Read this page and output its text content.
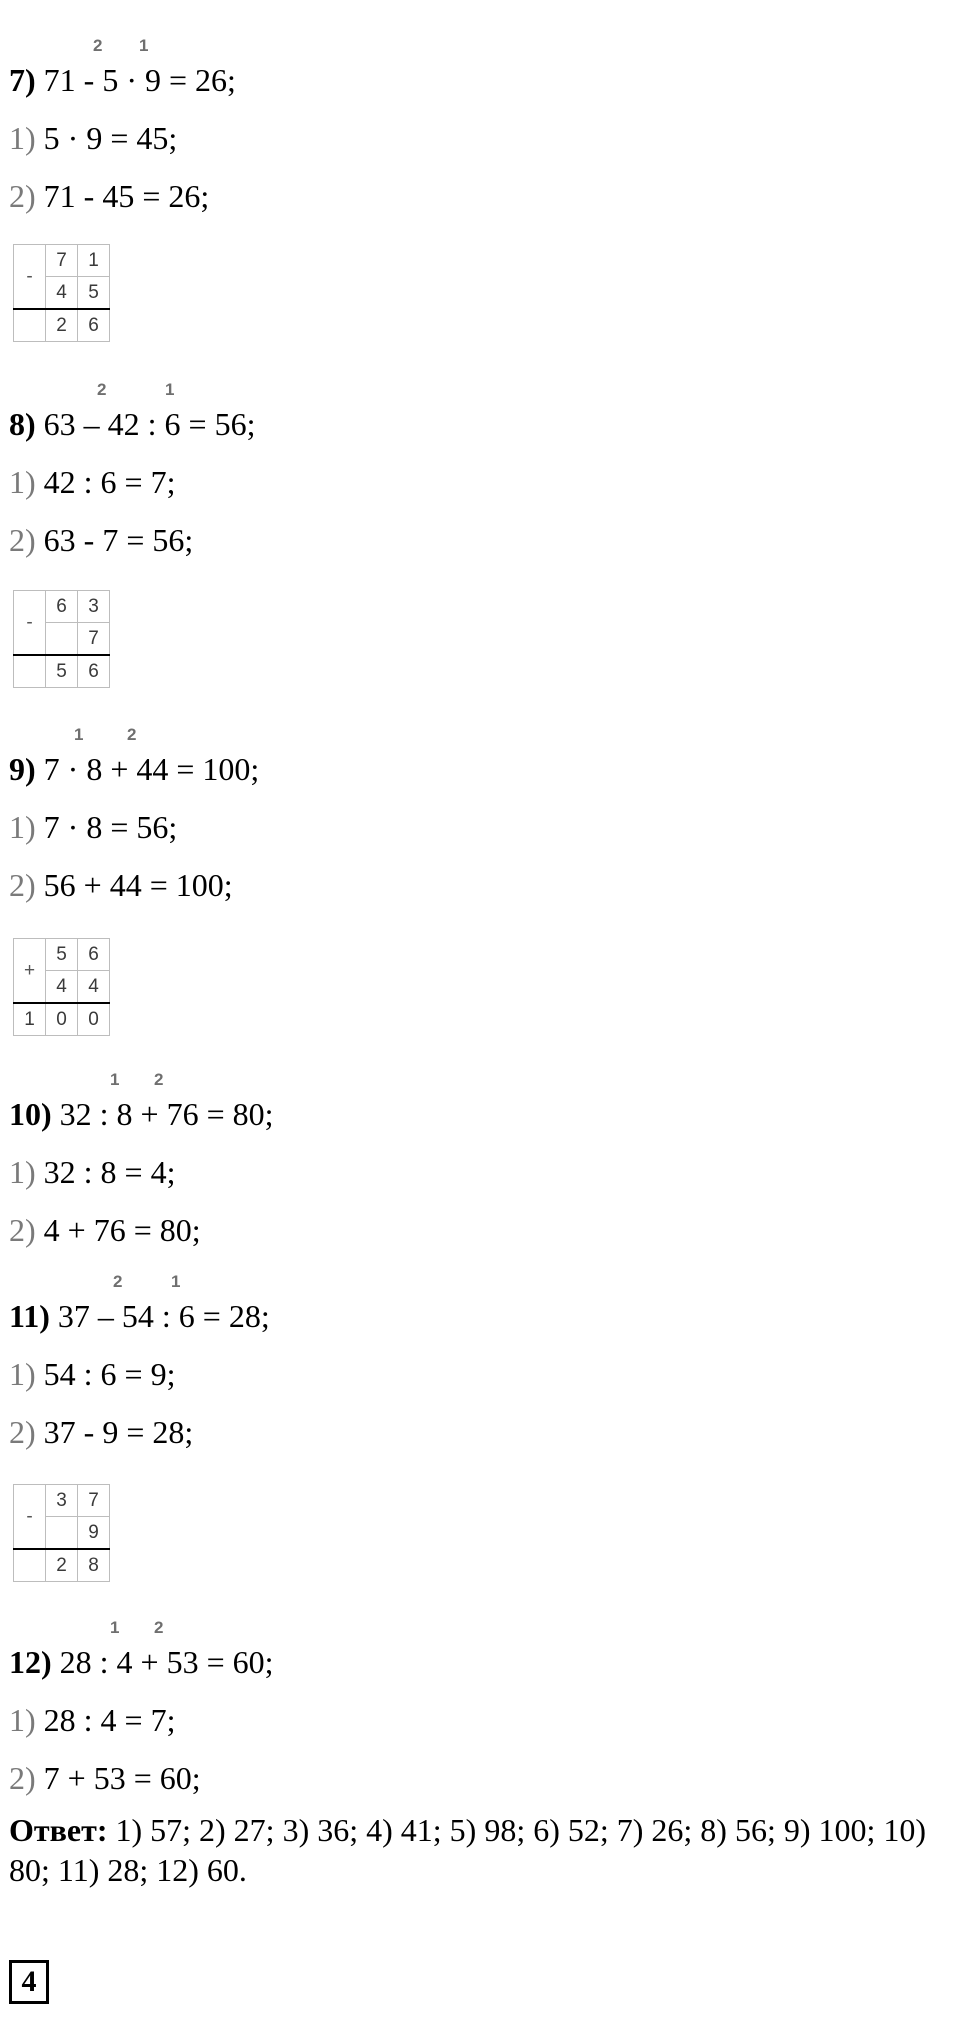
2 1
7) 71 - 5 · 9 = 26;
1) 5 · 9 = 45;
2) 71 - 45 = 26;
-	7	1
	4	5
	2	6
2	1
8) 63 – 42 : 6 = 56;
1) 42 : 6 = 7;
2) 63 - 7 = 56;
-	6	3
		7
	5	6
1	2
9) 7 · 8 + 44 = 100;
1) 7 · 8 = 56;
2) 56 + 44 = 100;
+	5	6
	4	4
1	0	0
1 2
10) 32 : 8 + 76 = 80;
1) 32 : 8 = 4;
2) 4 + 76 = 80;
2	1
11) 37 – 54 : 6 = 28;
1) 54 : 6 = 9;
2) 37 - 9 = 28;
-	3	7
		9
	2	8
1 2
12) 28 : 4 + 53 = 60;
1) 28 : 4 = 7;
2) 7 + 53 = 60;
Ответ: 1) 57; 2) 27; 3) 36; 4) 41; 5) 98; 6) 52; 7) 26; 8) 56; 9) 100; 10) 80; 11) 28; 12) 60.
4
